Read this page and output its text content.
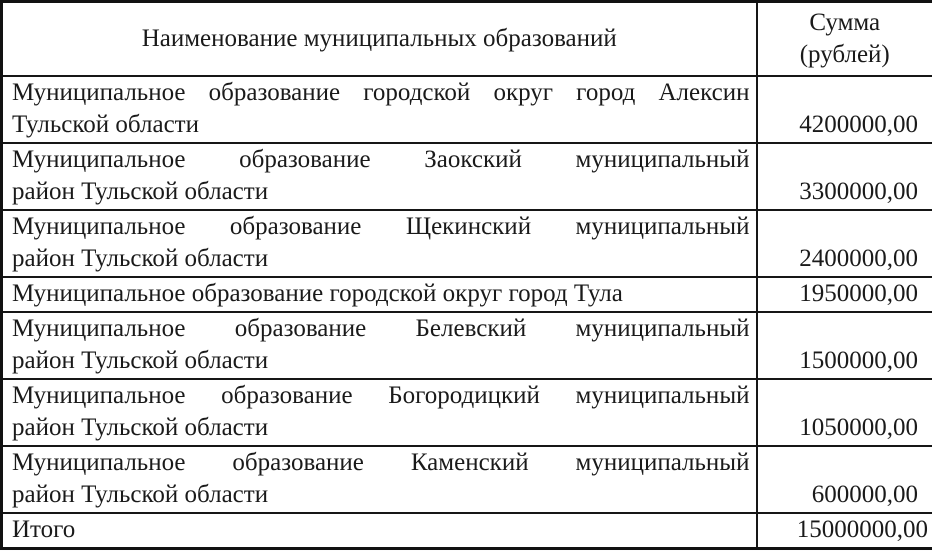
Наименование муниципальных образований	Сумма
(рублей)

Муниципальное образование городской округ город Алексин
Тульской области	4200000,00

Муниципальное образование Заокский муниципальный
район Тульской области	3300000,00

Муниципальное образование Щекинский муниципальный
район Тульской области	2400000,00

Муниципальное образование городской округ город Тула	1950000,00

Муниципальное образование Белевский муниципальный
район Тульской области	1500000,00

Муниципальное образование Богородицкий муниципальный
район Тульской области	1050000,00

Муниципальное образование Каменский муниципальный
район Тульской области	600000,00

Итого	15000000,00
